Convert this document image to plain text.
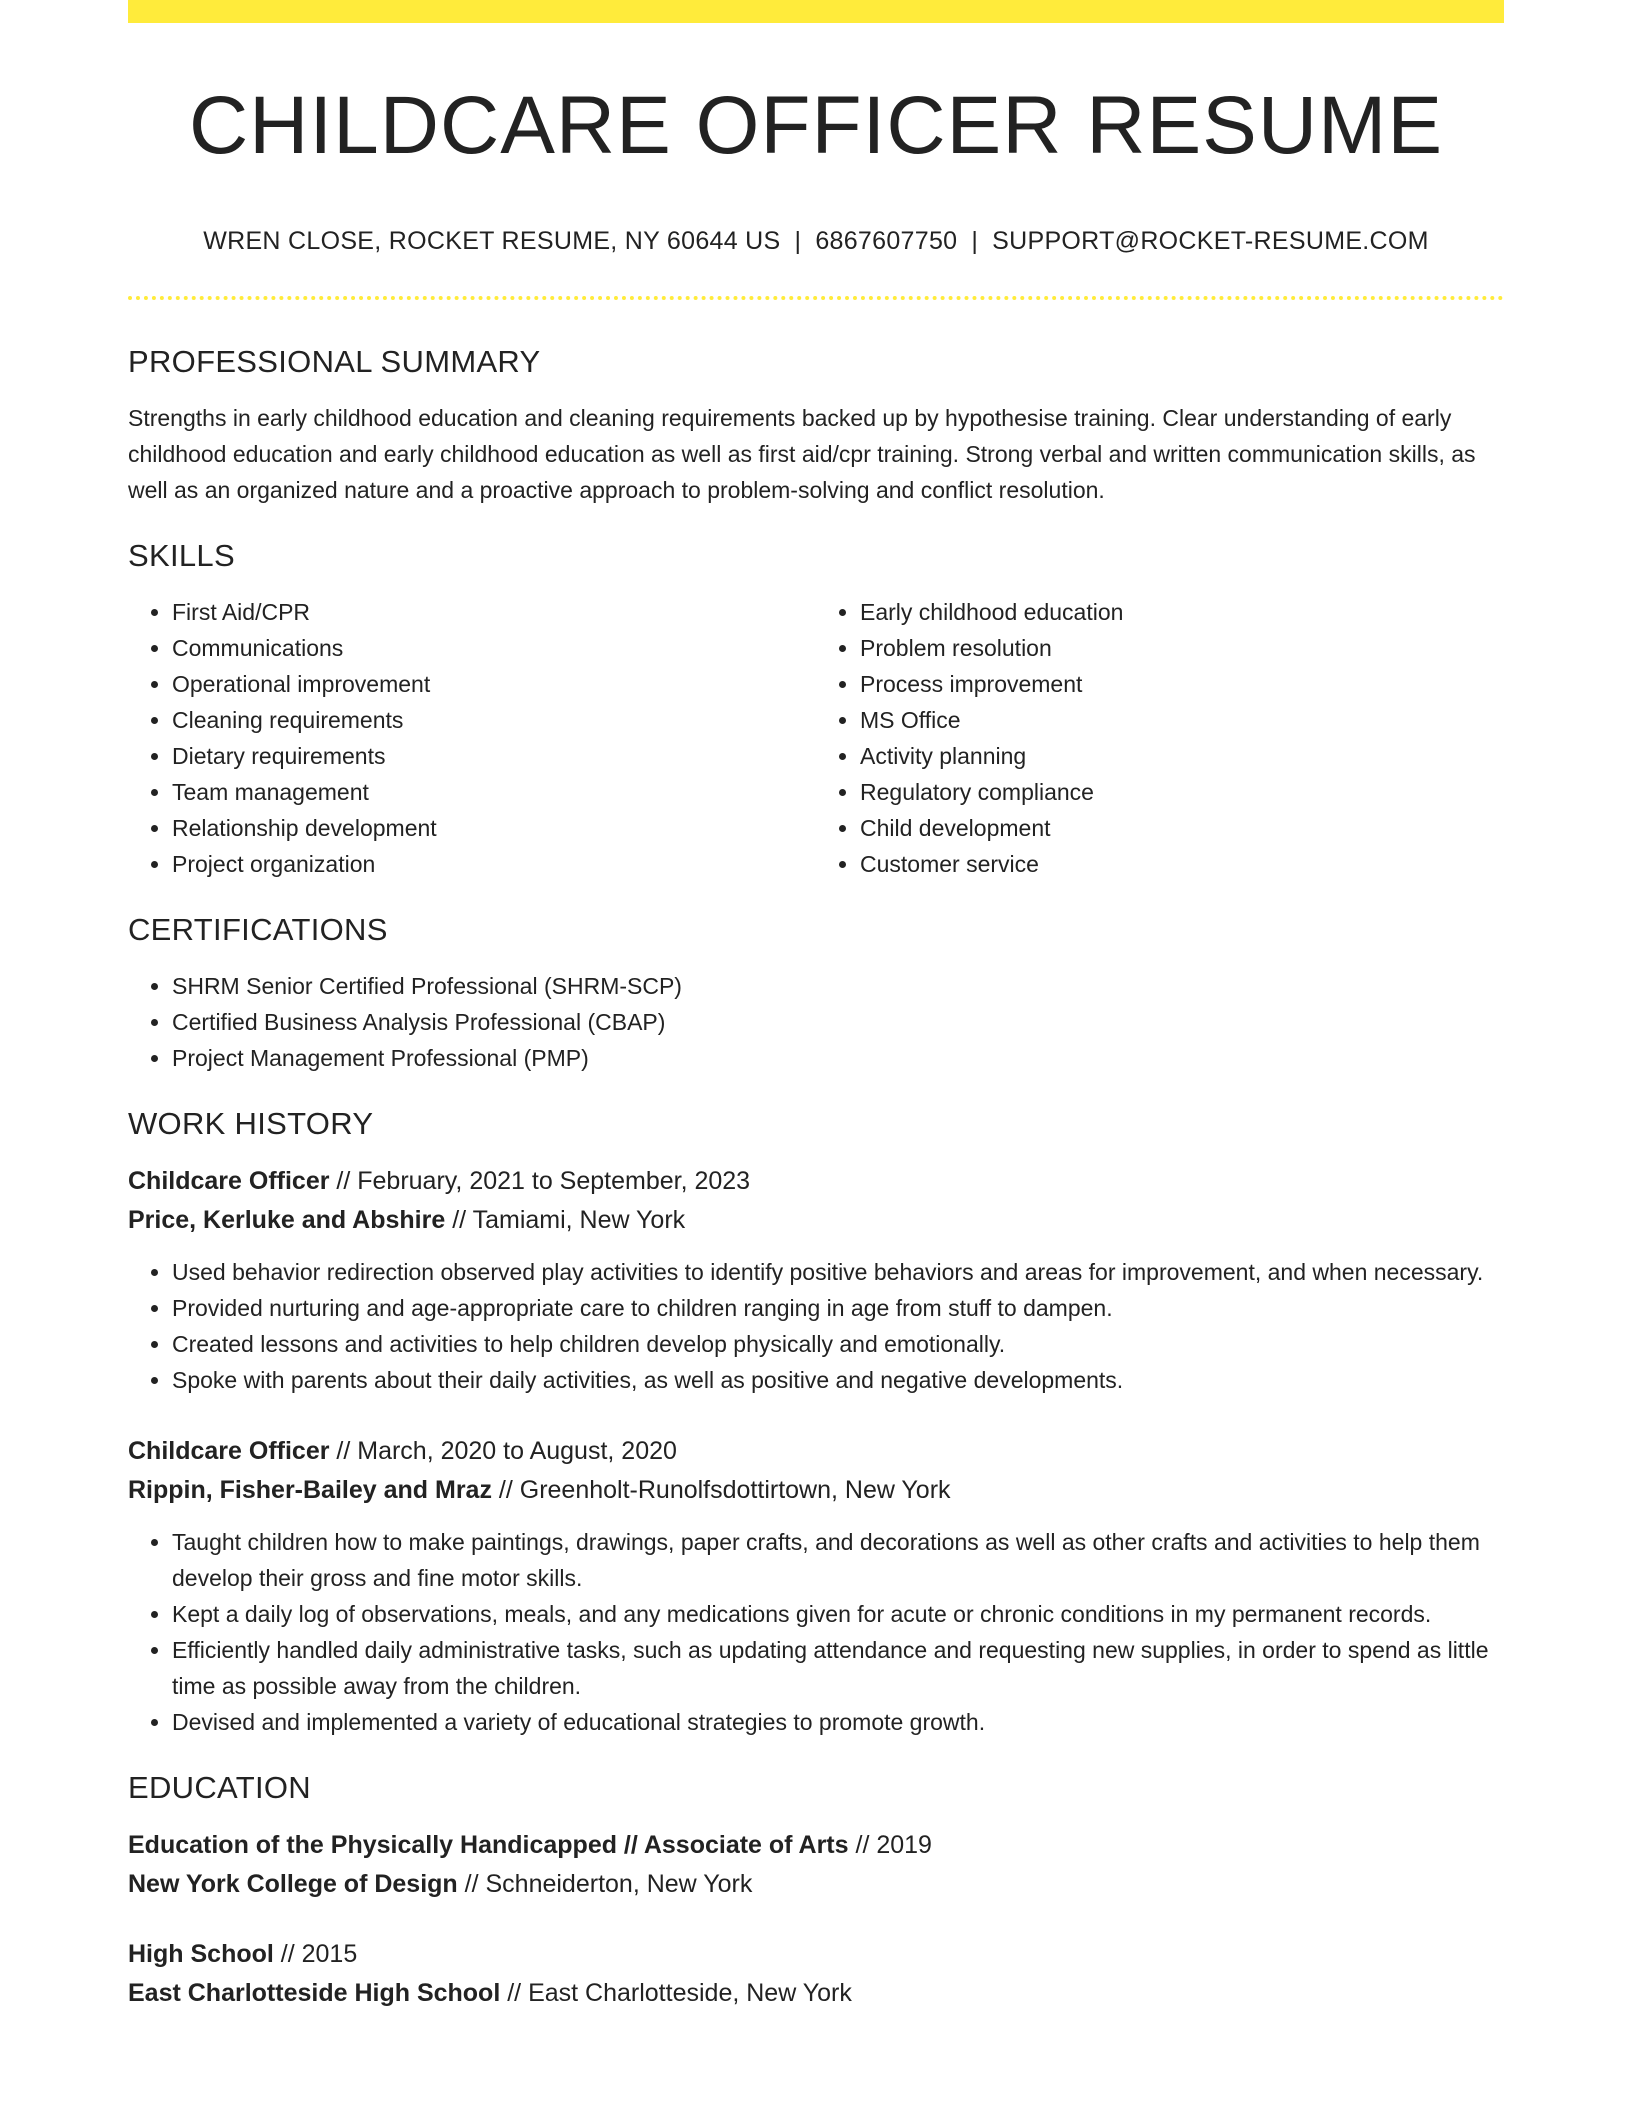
CHILDCARE OFFICER RESUME
WREN CLOSE, ROCKET RESUME, NY 60644 US | 6867607750 | SUPPORT@ROCKET-RESUME.COM
PROFESSIONAL SUMMARY

Strengths in early childhood education and cleaning requirements backed up by hypothesise training. Clear understanding of early childhood education and early childhood education as well as first aid/cpr training. Strong verbal and written communication skills, as well as an organized nature and a proactive approach to problem-solving and conflict resolution.

SKILLS
• First Aid/CPR
• Communications
• Operational improvement
• Cleaning requirements
• Dietary requirements
• Team management
• Relationship development
• Project organization
• Early childhood education
• Problem resolution
• Process improvement
• MS Office
• Activity planning
• Regulatory compliance
• Child development
• Customer service
CERTIFICATIONS
• SHRM Senior Certified Professional (SHRM-SCP)
• Certified Business Analysis Professional (CBAP)
• Project Management Professional (PMP)
WORK HISTORY
Childcare Officer // February, 2021 to September, 2023
Price, Kerluke and Abshire // Tamiami, New York
• Used behavior redirection observed play activities to identify positive behaviors and areas for improvement, and when necessary.
• Provided nurturing and age-appropriate care to children ranging in age from stuff to dampen.
• Created lessons and activities to help children develop physically and emotionally.
• Spoke with parents about their daily activities, as well as positive and negative developments.
Childcare Officer // March, 2020 to August, 2020
Rippin, Fisher-Bailey and Mraz // Greenholt-Runolfsdottirtown, New York
• Taught children how to make paintings, drawings, paper crafts, and decorations as well as other crafts and activities to help them develop their gross and fine motor skills.
• Kept a daily log of observations, meals, and any medications given for acute or chronic conditions in my permanent records.
• Efficiently handled daily administrative tasks, such as updating attendance and requesting new supplies, in order to spend as little time as possible away from the children.
• Devised and implemented a variety of educational strategies to promote growth.
EDUCATION
Education of the Physically Handicapped // Associate of Arts // 2019
New York College of Design // Schneiderton, New York
High School // 2015
East Charlotteside High School // East Charlotteside, New York
